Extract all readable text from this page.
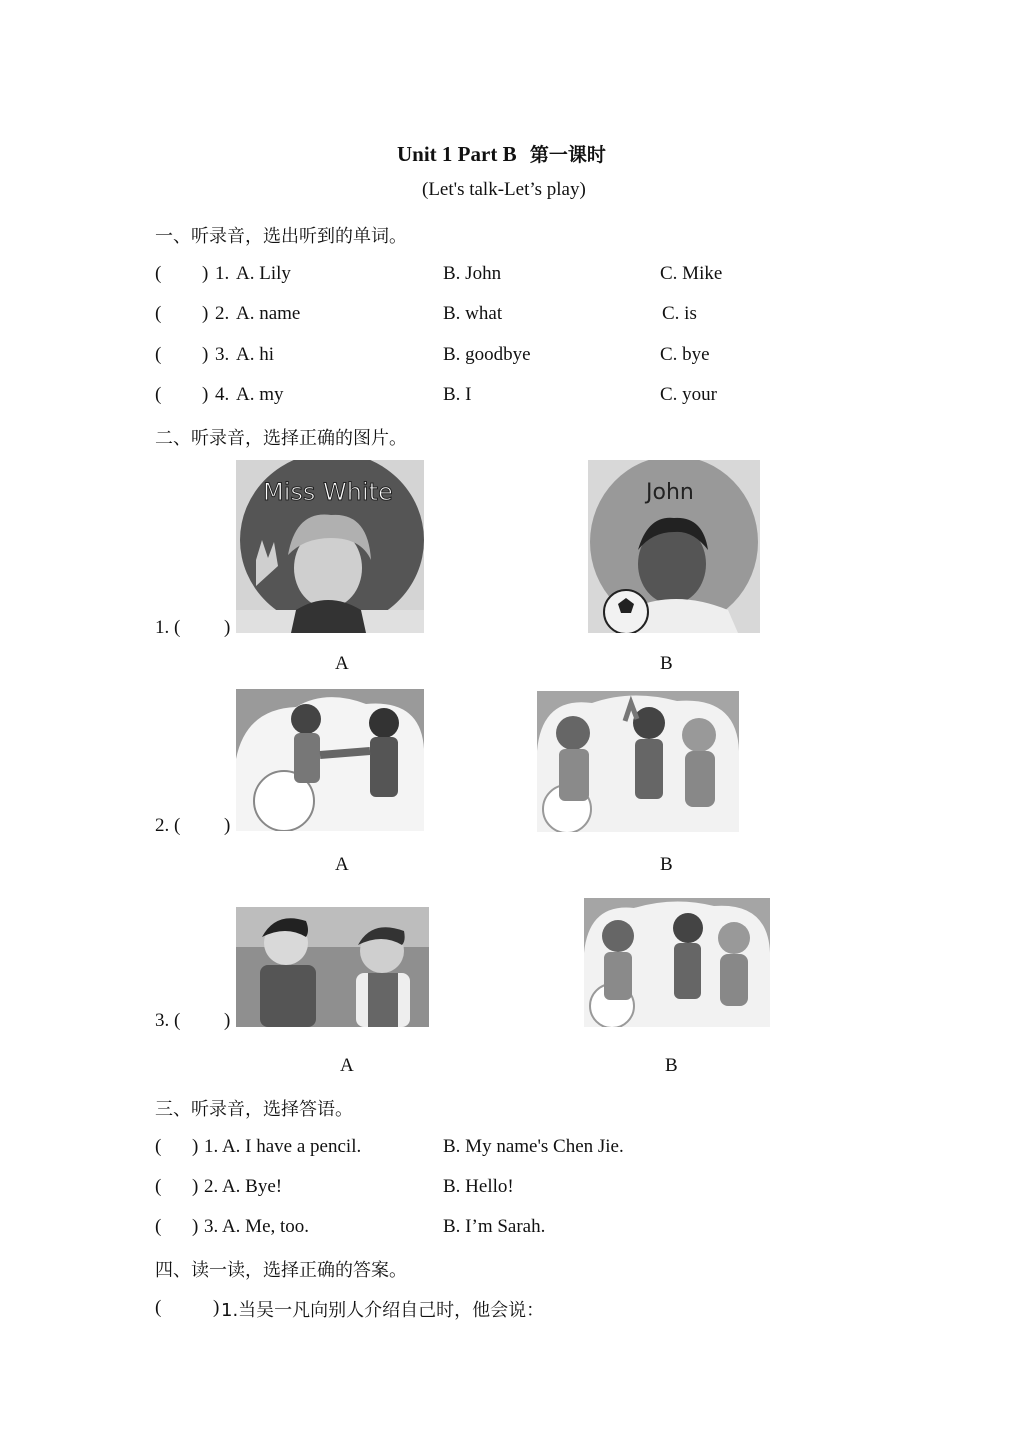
Unit 1 Part B 第一课时
(Let's talk-Let’s play)
一、听录音，选出听到的单词。
( ) 1. A. Lily	B. John	C. Mike
( ) 2. A. name	B. what	C. is
( ) 3. A. hi	B. goodbye	C. bye
( ) 4. A. my	B. I	C. your
二、听录音，选择正确的图片。
1. ( )
Miss White
A
John
B
2. ( )
A	B
3. ( )
A	B
三、听录音，选择答语。
( ) 1. A. I have a pencil.	B. My name's Chen Jie.
( ) 2. A. Bye!	B. Hello!
( ) 3. A. Me, too.	B. I’m Sarah.
四、读一读，选择正确的答案。
(	) 1.当吴一凡向别人介绍自己时，他会说：
